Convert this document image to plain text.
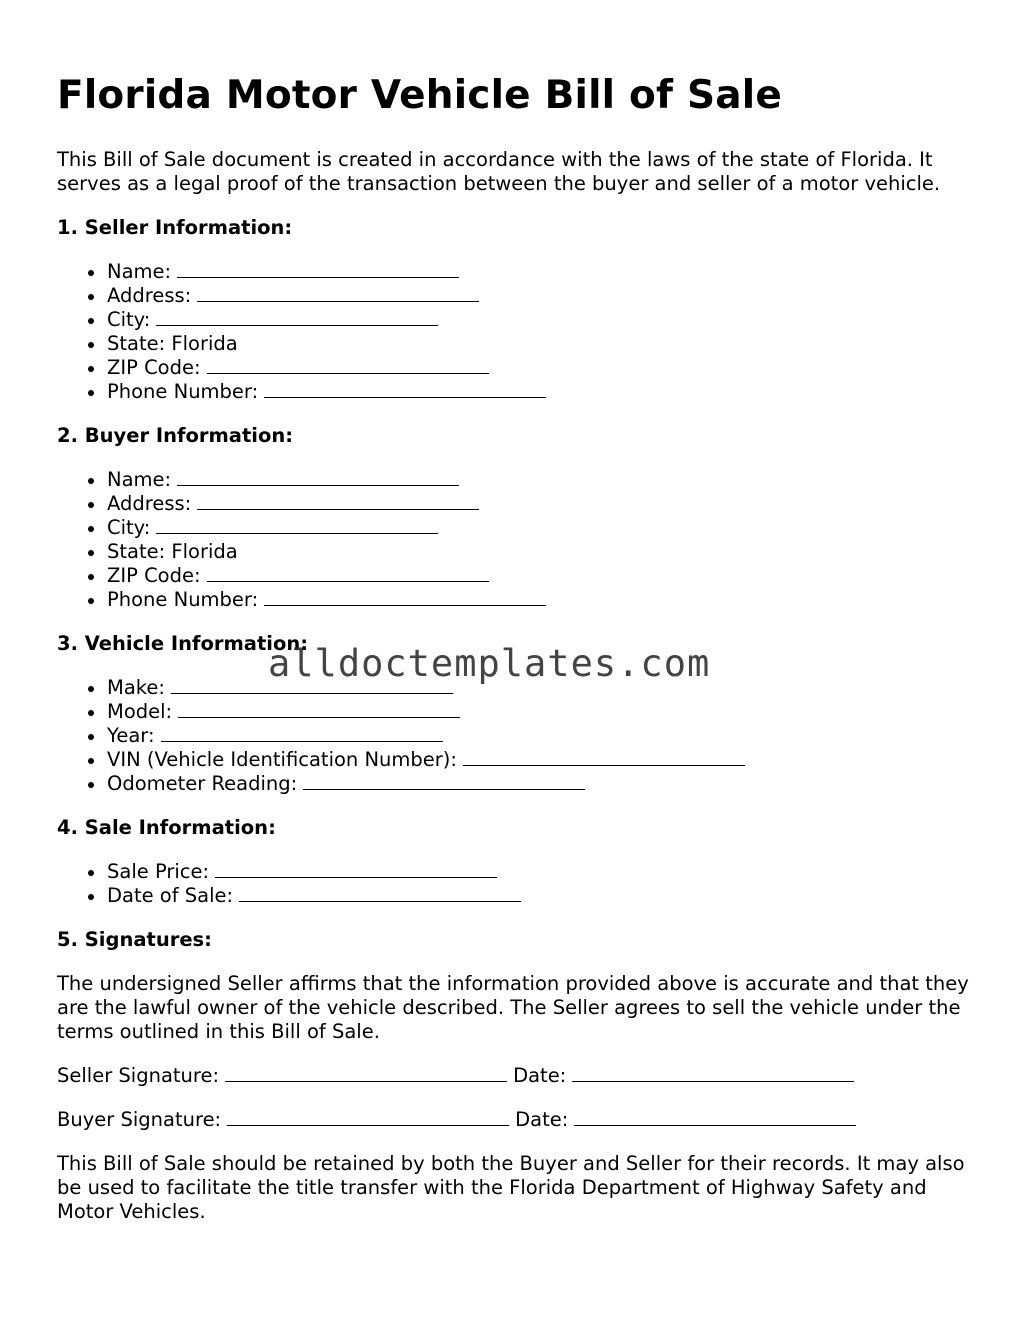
Florida Motor Vehicle Bill of Sale

This Bill of Sale document is created in accordance with the laws of the state of Florida. It serves as a legal proof of the transaction between the buyer and seller of a motor vehicle.

1. Seller Information:
Name:
Address:
City:
State: Florida
ZIP Code:
Phone Number:
2. Buyer Information:
Name:
Address:
City:
State: Florida
ZIP Code:
Phone Number:
3. Vehicle Information:
Make:
Model:
Year:
VIN (Vehicle Identification Number):
Odometer Reading:
4. Sale Information:
Sale Price:
Date of Sale:
5. Signatures:

The undersigned Seller affirms that the information provided above is accurate and that they are the lawful owner of the vehicle described. The Seller agrees to sell the vehicle under the terms outlined in this Bill of Sale.

Seller Signature:	Date:
Buyer Signature:	Date:

This Bill of Sale should be retained by both the Buyer and Seller for their records. It may also be used to facilitate the title transfer with the Florida Department of Highway Safety and Motor Vehicles.

alldoctemplates.com
